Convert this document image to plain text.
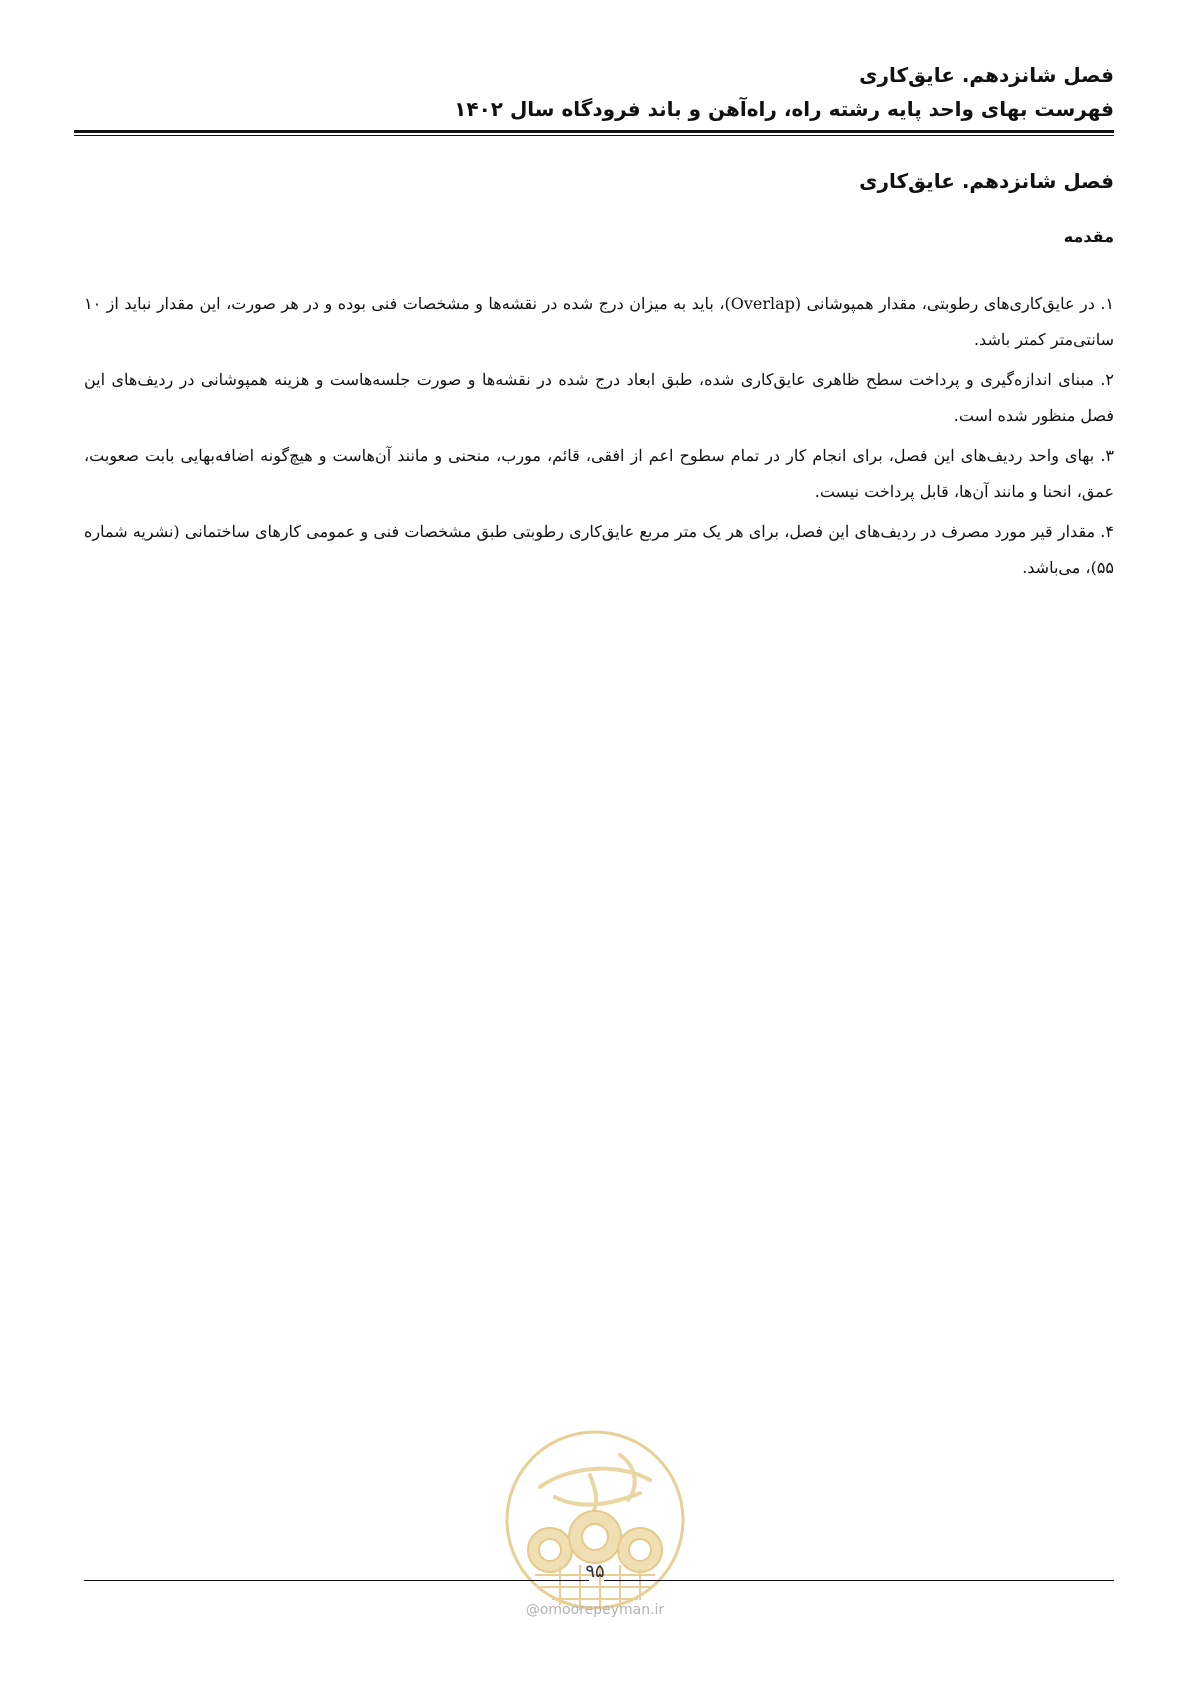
فصل شانزدهم. عایق‌کاری
فهرست بهای واحد پایه رشته راه، راه‌آهن و باند فرودگاه سال ۱۴۰۲
فصل شانزدهم. عایق‌کاری
مقدمه
۱. در عایق‌کاری‌های رطوبتی، مقدار همپوشانی (Overlap)، باید به میزان درج شده در نقشه‌ها و مشخصات فنی بوده و در هر صورت، این مقدار نباید از ۱۰ سانتی‌متر کمتر باشد.
۲. مبنای اندازه‌گیری و پرداخت سطح ظاهری عایق‌کاری شده، طبق ابعاد درج شده در نقشه‌ها و صورت جلسه‌هاست و هزینه همپوشانی در ردیف‌های این فصل منظور شده است.
۳. بهای واحد ردیف‌های این فصل، برای انجام کار در تمام سطوح اعم از افقی، قائم، مورب، منحنی و مانند آن‌هاست و هیچ‌گونه اضافه‌بهایی بابت صعوبت، عمق، انحنا و مانند آن‌ها، قابل پرداخت نیست.
۴. مقدار قیر مورد مصرف در ردیف‌های این فصل، برای هر یک متر مربع عایق‌کاری رطوبتی طبق مشخصات فنی و عمومی کارهای ساختمانی (نشریه شماره ۵۵)، می‌باشد.
۹۵
@omoorepeyman.ir
